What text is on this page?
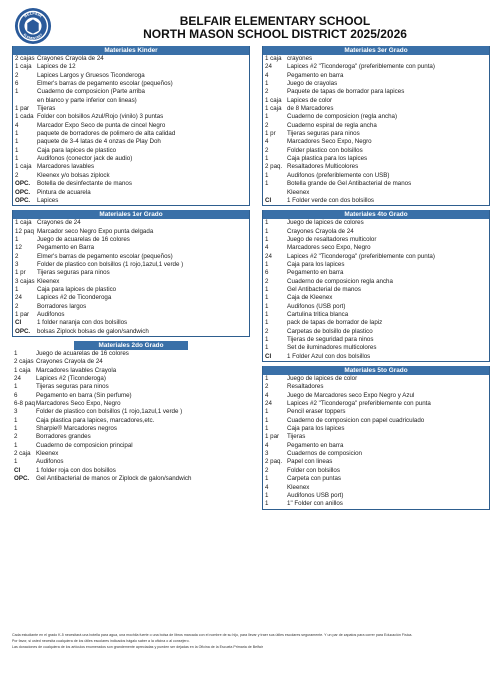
BELFAIR
ELEMENTARY
BELFAIR ELEMENTARY SCHOOL
NORTH MASON SCHOOL DISTRICT 2025/2026
Materiales Kinder
2 cajas Crayones Crayola de 24
1 caja Lapices de 12
2	Lapices Largos y Gruesos Ticonderoga
6	Elmer's barras de pegamento escolar (pequeños)
1	Cuaderno de composicion (Parte arriba
en blanco y parte inferior con lineas)
1 par	Tijeras
1 cada Folder con bolsillos Azul/Rojo (vinilo) 3 puntas
4	Marcador Expo Seco de punta de cincel Negro
1	paquete de borradores de polimero de alta calidad
1	paquete de 3-4 latas de 4 onzas de Play Doh
1	Caja para lapices de plastico
1	Audifonos (conector jack de audio)
1 caja Marcadores lavables
2	Kleenex y/o bolsas ziplock
OPC.	Botella de desinfectante de manos
OPC.	Pintura de acuarela
OPC.	Lapices
Materiales 1er Grado
1 caja Crayones de 24
12 paq Marcador seco Negro Expo punta delgada
1	Juego de acuarelas de 16 colores
12	Pegamento en Barra
2	Elmer's barras de pegamento escolar (pequeños)
3	Folder de plastico con bolsillos (1 rojo,1azul,1 verde )
1 pr	Tijeras seguras para ninos
3 cajas Kleenex
1	Caja para lapices de plastico
24	Lapices #2 de Ticonderoga
2	Borradores largos
1 par	Audifonos
CI	1 folder naranja con dos bolsillos
OPC.	bolsas Ziplock bolsas de galon/sandwich
Materiales 2do Grado
1	Juego de acuarelas de 16 colores
2 cajas Crayones Crayola de 24
1 caja Marcadores lavables Crayola
24	Lapices #2 (Ticonderoga)
1	Tijeras seguras para ninos
6	Pegamento en barra (Sin perfume)
6-8 paq Marcadores Seco Expo, Negro
3	Folder de plastico con bolsillos (1 rojo,1azul,1 verde )
1	Caja plastica para lapices, marcadores,etc.
1	Sharpie® Marcadores negros
2	Borradores grandes
1	Cuaderno de composicion principal
2 caja Kleenex
1	Audifonos
CI	1 folder roja con dos bolsillos
OPC.	Gel Antibacterial de manos or Ziplock de galon/sandwich
Materiales 3er Grado
1 caja crayones
24	Lapices #2 "Ticonderoga" (preferiblemente con punta)
4	Pegamento en barra
1	Juego de crayolas
2	Paquete de tapas de borrador para lapices
1 caja Lapices de color
1 caja de 8 Marcadores
1	Cuaderno de composicion (regla ancha)
2	Cuaderno espiral de regla ancha
1 pr	Tijeras seguras para ninos
4	Marcadores Seco Expo, Negro
2	Folder plastico con bolsillos
1	Caja plastica para los lapices
2 paq. Resaltadores Multicolores
1	Audifonos (preferiblemente con USB)
1	Botella grande de Gel Antibacterial de manos
Kleenex
CI	1 Folder verde con dos bolsillos
Materiales 4to Grado
1	Juego de lapices de colores
1	Crayones Crayola de 24
1	Juego de resaltadores multicolor
4	Marcadores seco Expo, Negro
24	Lapices #2 "Ticonderoga" (preferiblemente con punta)
1	Caja para los lapices
6	Pegamento en barra
2	Cuaderno de composicion regla ancha
1	Gel Antibacterial de manos
1	Caja de Kleenex
1	Audifonos (USB port)
1	Cartulina tritica blanca
1	pack de tapas de borrador de lapiz
2	Carpetas de bolsillo de plastico
1	Tijeras de seguridad para ninos
1	Set de iluminadores multicolores
CI	1 Folder Azul con dos bolsillos
Materiales 5to Grado
1	Juego de lapices de color
2	Resaltadores
4	Juego de Marcadores seco Expo Negro y Azul
24	Lapices #2 "Ticonderoga" preferiblemente con punta
1	Pencil eraser toppers
1	Cuaderno de composicion con papel cuadriculado
1	Caja para los lapices
1 par	Tijeras
4	Pegamento en barra
3	Cuadernos de composicion
2 paq. Papel con lineas
2	Folder con bolsillos
1	Carpeta con puntas
4	Kleenex
1	Audifonos USB port)
1	1" Folder con anillos
Cada estudiante en el grado K-5 necesitará una botella para agua, una mochila fuerte o una bolsa de libros marcada con el nombre de su hijo, para llevar y traer sus útiles escolares seguramente. Y un par de zapatos para correr para Educación Física.
Por favor, si usted necesita cualquiera de los útiles escolares indicados hágalo saber a la oficina o al consejero.
Las donaciones de cualquiera de los artículos enumerados son grandemente apreciadas y pueden ser dejadas en la Oficina de la Escuela Primaria de Belfair
